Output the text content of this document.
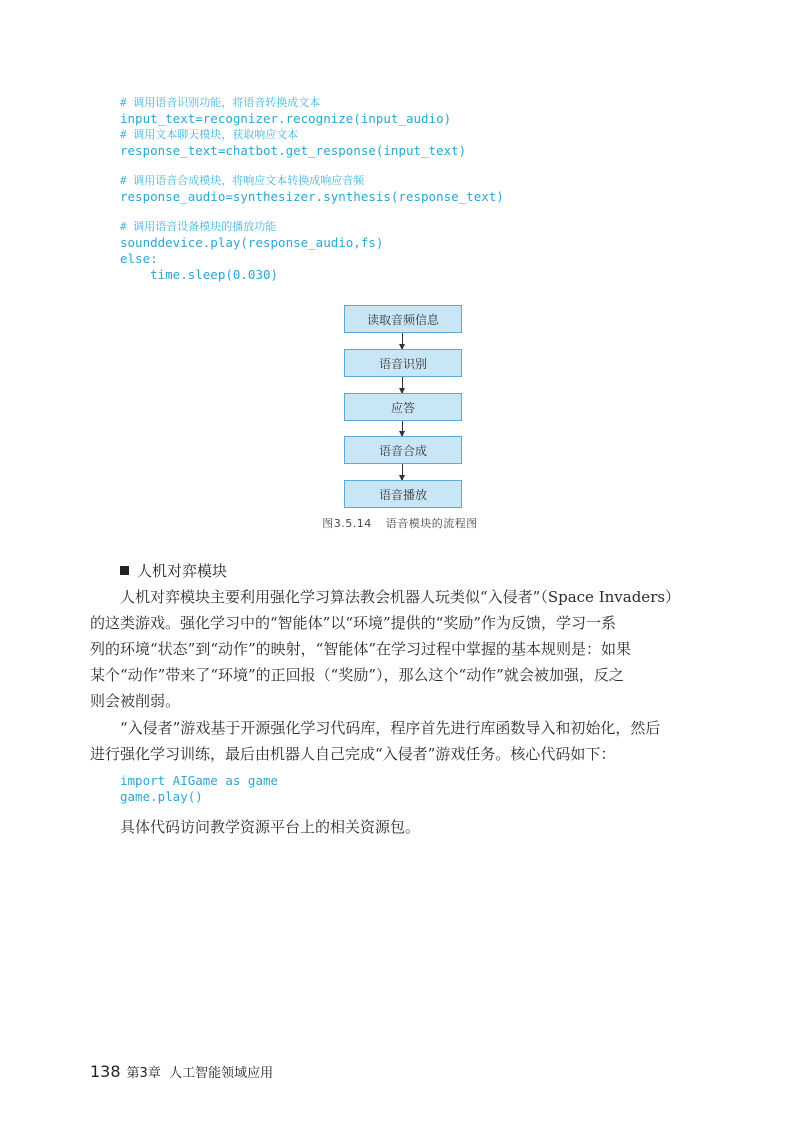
# 调用语音识别功能，将语音转换成文本
input_text=recognizer.recognize(input_audio)
# 调用文本聊天模块，获取响应文本
response_text=chatbot.get_response(input_text)
# 调用语音合成模块，将响应文本转换成响应音频
response_audio=synthesizer.synthesis(response_text)
# 调用语音设备模块的播放功能
sounddevice.play(response_audio,fs)
else:
time.sleep(0.030)
读取音频信息
语音识别
应答
语音合成
语音播放
图3.5.14 语音模块的流程图
人机对弈模块

人机对弈模块主要利用强化学习算法教会机器人玩类似“入侵者”（Space Invaders）
的这类游戏。强化学习中的“智能体”以“环境”提供的“奖励”作为反馈，学习一系
列的环境“状态”到“动作”的映射，“智能体”在学习过程中掌握的基本规则是：如果
某个“动作”带来了“环境”的正回报（“奖励”），那么这个“动作”就会被加强，反之
则会被削弱。

“入侵者”游戏基于开源强化学习代码库，程序首先进行库函数导入和初始化，然后
进行强化学习训练，最后由机器人自己完成“入侵者”游戏任务。核心代码如下：

import AIGame as game
game.play()

具体代码访问教学资源平台上的相关资源包。

138 第3章 人工智能领域应用
